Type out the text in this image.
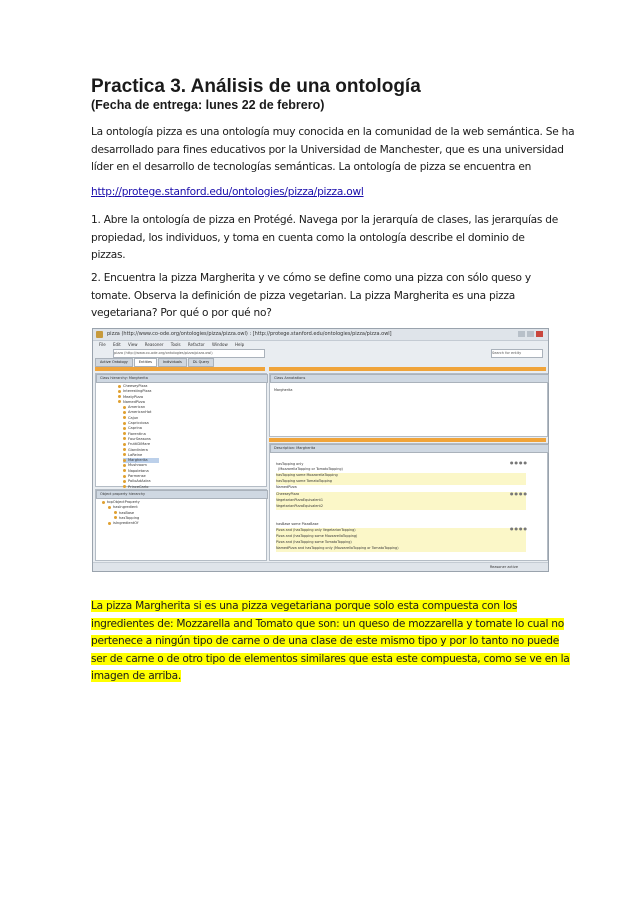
Practica 3. Análisis de una ontología
(Fecha de entrega: lunes 22 de febrero)
La ontología pizza es una ontología muy conocida en la comunidad de la web semántica. Se ha
desarrollado para fines educativos por la Universidad de Manchester, que es una universidad
líder en el desarrollo de tecnologías semánticas. La ontología de pizza se encuentra en
http://protege.stanford.edu/ontologies/pizza/pizza.owl
1. Abre la ontología de pizza en Protégé. Navega por la jerarquía de clases, las jerarquías de
propiedad, los individuos, y toma en cuenta como la ontología describe el dominio de
pizzas.
2. Encuentra la pizza Margherita y ve cómo se define como una pizza con sólo queso y
tomate. Observa la definición de pizza vegetarian. La pizza Margherita es una pizza
vegetariana? Por qué o por qué no?
pizza (http://www.co-ode.org/ontologies/pizza/pizza.owl) : [http://protege.stanford.edu/ontologies/pizza/pizza.owl]
File Edit View Reasoner Tools Refactor Window Help
pizza (http://www.co-ode.org/ontologies/pizza/pizza.owl)	Search for entity
Active Ontology	Entities	Individuals	DL Query
Class hierarchy: Margherita
CheeseyPizza
InterestingPizza
MeatyPizza
NamedPizza
American
AmericanHot
Cajun
Capricciosa
Caprina
Fiorentina
FourSeasons
FruttiDiMare
Giardiniera
LaReine
Margherita
Mushroom
Napoletana
Parmense
PolloAdAstra
PrinceCarlo
Object property hierarchy
topObjectProperty
hasIngredient
hasBase
hasTopping
isIngredientOf
Class Annotations
Margherita
Description: Margherita
hasTopping only
(MozzarellaTopping or TomatoTopping)
hasTopping some MozzarellaTopping
hasTopping some TomatoTopping
NamedPizza
CheeseyPizza
VegetarianPizzaEquivalent1
VegetarianPizzaEquivalent2
hasBase some PizzaBase
Pizza and (hasTopping only VegetarianTopping)
Pizza and (hasTopping some MozzarellaTopping)
Pizza and (hasTopping some TomatoTopping)
NamedPizza and hasTopping only (MozzarellaTopping or TomatoTopping)
●●●●
●●●●
●●●●
Reasoner active
La pizza Margherita si es una pizza vegetariana porque solo esta compuesta con los
ingredientes de: Mozzarella and Tomato que son: un queso de mozzarella y tomate lo cual no
pertenece a ningún tipo de carne o de una clase de este mismo tipo y por lo tanto no puede
ser de carne o de otro tipo de elementos similares que esta este compuesta, como se ve en la
imagen de arriba.
